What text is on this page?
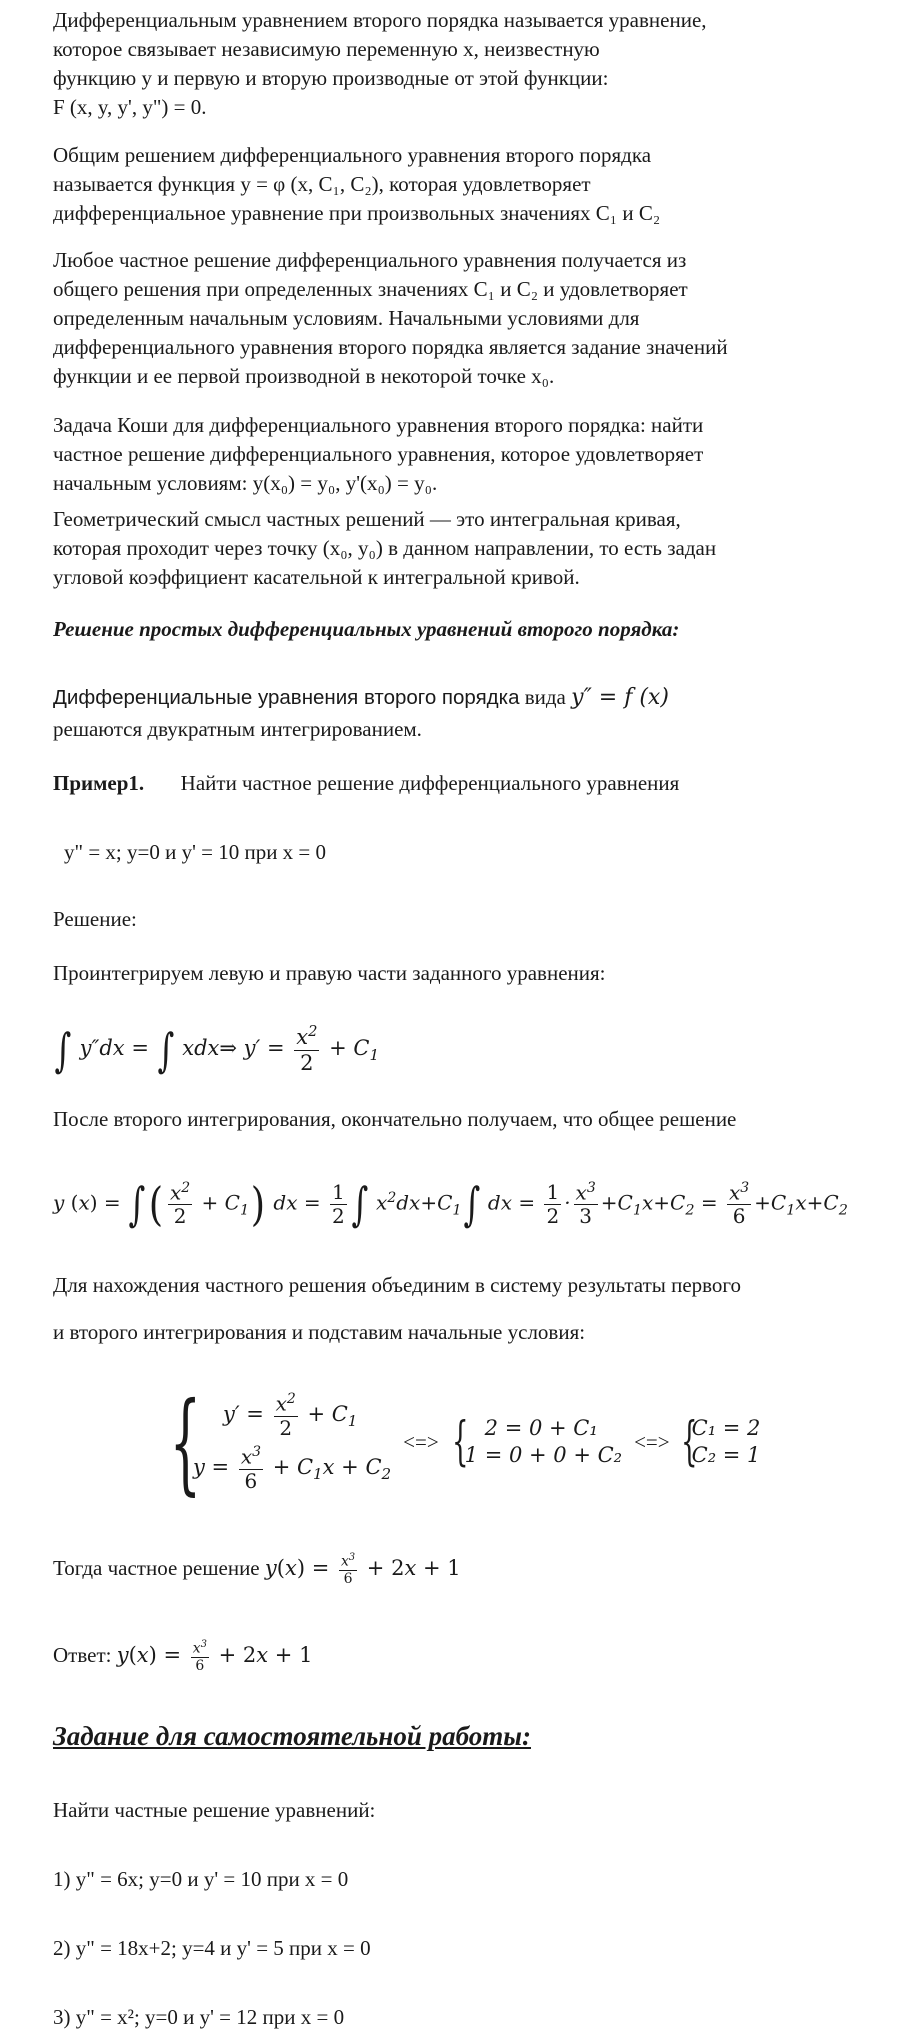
Дифференциальным уравнением второго порядка называется уравнение,
которое связывает независимую переменную x, неизвестную
функцию y и первую и вторую производные от этой функции:
F (x, y, y', y") = 0.
Общим решением дифференциального уравнения второго порядка
называется функция y = φ (x, C₁, C₂), которая удовлетворяет
дифференциальное уравнение при произвольных значениях C₁ и C₂
Любое частное решение дифференциального уравнения получается из
общего решения при определенных значениях C₁ и C₂ и удовлетворяет
определенным начальным условиям. Начальными условиями для
дифференциального уравнения второго порядка является задание значений
функции и ее первой производной в некоторой точке x₀.
Задача Коши для дифференциального уравнения второго порядка: найти
частное решение дифференциального уравнения, которое удовлетворяет
начальным условиям: y(x₀) = y₀, y'(x₀) = y₀.
Геометрический смысл частных решений — это интегральная кривая,
которая проходит через точку (x₀, y₀) в данном направлении, то есть задан
угловой коэффициент касательной к интегральной кривой.
Решение простых дифференциальных уравнений второго порядка:
Дифференциальные уравнения второго порядка вида y″ = f (x)
решаются двукратным интегрированием.
Пример1. Найти частное решение дифференциального уравнения
y" = x; y=0 и y' = 10 при x = 0
Решение:
Проинтегрируем левую и правую части заданного уравнения:
∫ y″dx = ∫ xdx⇒ $y' = \frac{x^2}{2} + C_1$
После второго интегрирования, окончательно получаем, что общее решение
y (x) = ∫( $\frac{x^2}{2} + C_1$) dx = $\frac{1}{2}$ ∫ $x^2dx+C_1\int$ dx = $\frac{1}{2} \cdot \frac{x^3}{3} +C_1x+C_2 = \frac{x^3}{6} +C_1x+C_2$
Для нахождения частного решения объединим в систему результаты первого
и второго интегрирования и подставим начальные условия:
{	$y' = \frac{x^2}{2} + C_1$
$y = \frac{x^3}{6} + C_1x + C_2$
<=> { 2 = 0 + C₁
1 = 0 + 0 + C₂
<=> {
C₁ = 2
C₂ = 1
Тогда частное решение $y(x) = \frac{x^3}{6} + 2x + 1$
Ответ: $y(x) = \frac{x^3}{6} + 2x + 1$
Задание для самостоятельной работы:
Найти частные решение уравнений:
1) y" = 6x; y=0 и y' = 10 при x = 0
2) y" = 18x+2; y=4 и y' = 5 при x = 0
3) y" = x²; y=0 и y' = 12 при x = 0
